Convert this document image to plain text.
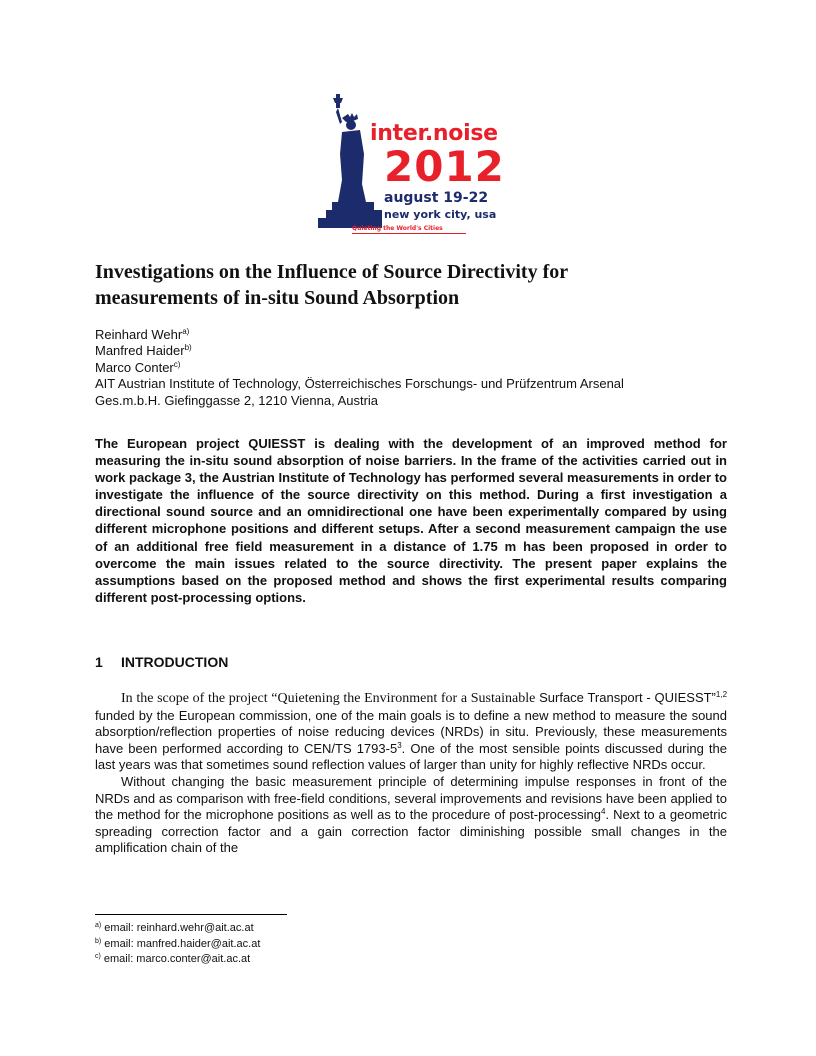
inter.noise
2012
august 19-22
new york city, usa
Quieting the World's Cities
Investigations on the Influence of Source Directivity for
measurements of in-situ Sound Absorption
Reinhard Wehr$^{a)}$
Manfred Haider$^{b)}$
Marco Conter$^{c)}$
AIT Austrian Institute of Technology, Österreichisches Forschungs- und Prüfzentrum Arsenal
Ges.m.b.H. Giefinggasse 2, 1210 Vienna, Austria

The European project QUIESST is dealing with the development of an improved method for measuring the in-situ sound absorption of noise barriers. In the frame of the activities carried out in work package 3, the Austrian Institute of Technology has performed several measurements in order to investigate the influence of the source directivity on this method. During a first investigation a directional sound source and an omnidirectional one have been experimentally compared by using different microphone positions and different setups. After a second measurement campaign the use of an additional free field measurement in a distance of 1.75 m has been proposed in order to overcome the main issues related to the source directivity. The present paper explains the assumptions based on the proposed method and shows the first experimental results comparing different post-processing options.

1 INTRODUCTION

In the scope of the project “Quietening the Environment for a Sustainable Surface Transport - QUIESST”$^{1,2}$ funded by the European commission, one of the main goals is to define a new method to measure the sound absorption/reflection properties of noise reducing devices (NRDs) in situ. Previously, these measurements have been performed according to CEN/TS $1793-5^3$. One of the most sensible points discussed during the last years was that sometimes sound reflection values of larger than unity for highly reflective NRDs occur.

Without changing the basic measurement principle of determining impulse responses in front of the NRDs and as comparison with free-field conditions, several improvements and revisions have been applied to the method for the microphone positions as well as to the procedure of post-processing$^4$. Next to a geometric spreading correction factor and a gain correction factor diminishing possible small changes in the amplification chain of the

$^{a)}$ email: reinhard.wehr@ait.ac.at
$^{b)}$ email: manfred.haider@ait.ac.at
$^{c)}$ email: marco.conter@ait.ac.at
